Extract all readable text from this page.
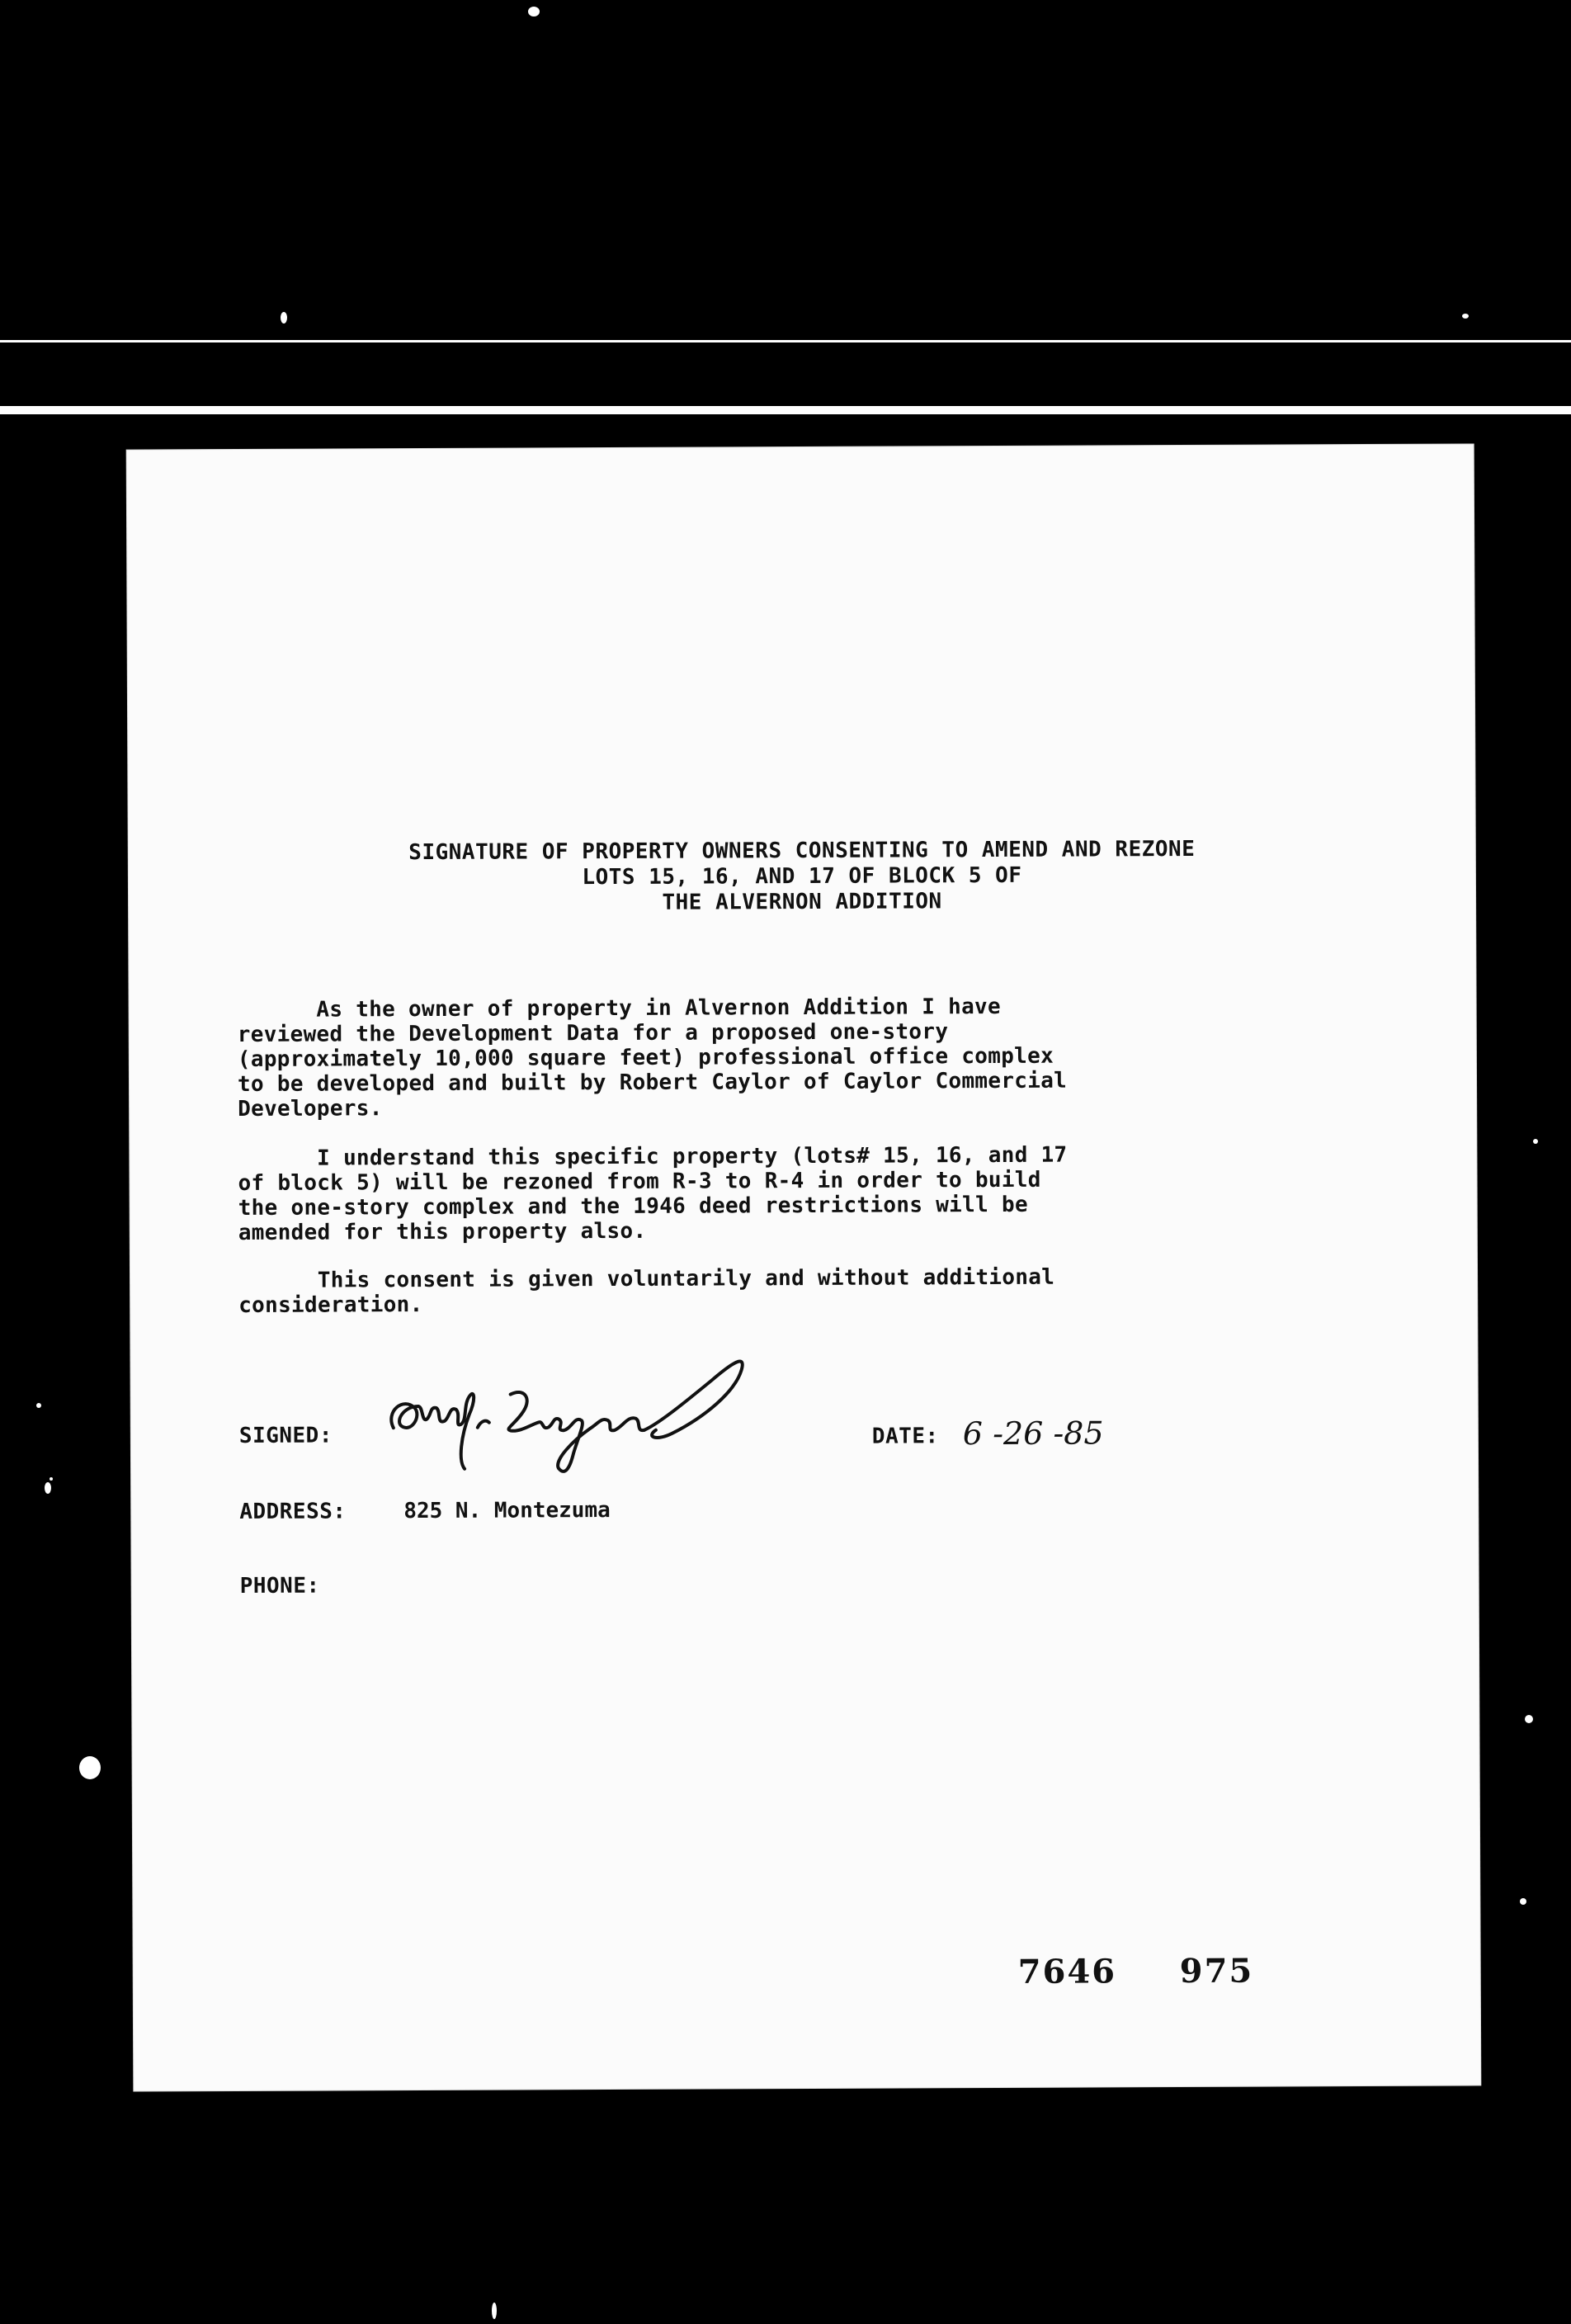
SIGNATURE OF PROPERTY OWNERS CONSENTING TO AMEND AND REZONE
LOTS 15, 16, AND 17 OF BLOCK 5 OF
THE ALVERNON ADDITION
As the owner of property in Alvernon Addition I have
reviewed the Development Data for a proposed one-story
(approximately 10,000 square feet) professional office complex
to be developed and built by Robert Caylor of Caylor Commercial
Developers.
I understand this specific property (lots# 15, 16, and 17
of block 5) will be rezoned from R-3 to R-4 in order to build
the one-story complex and the 1946 deed restrictions will be
amended for this property also.
This consent is given voluntarily and without additional
consideration.
SIGNED:	DATE: 6 -26 -85
ADDRESS:	825 N. Montezuma
PHONE:
7646 975
